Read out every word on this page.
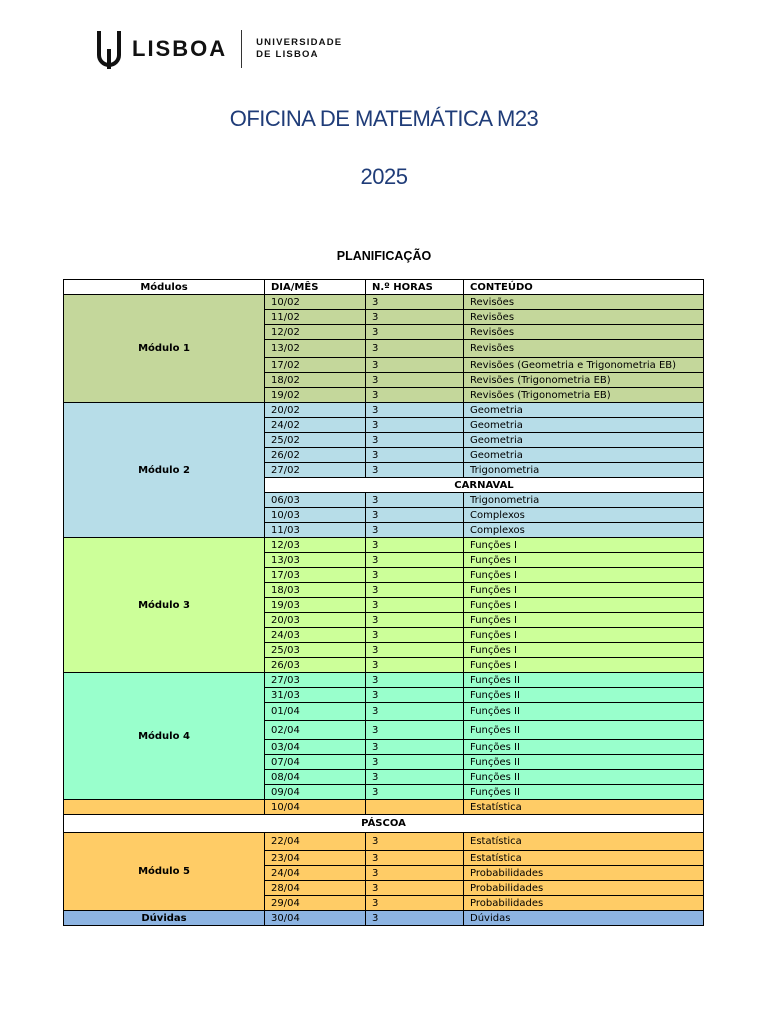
LISBOA	UNIVERSIDADE
DE LISBOA
OFICINA DE MATEMÁTICA M23
2025
PLANIFICAÇÃO
Módulos	DIA/MÊS	N.º HORAS	CONTEÚDO
Módulo 1	10/02	3	Revisões
	11/02	3	Revisões
	12/02	3	Revisões
	13/02	3	Revisões
	17/02	3	Revisões (Geometria e Trigonometria EB)
	18/02	3	Revisões (Trigonometria EB)
	19/02	3	Revisões (Trigonometria EB)
Módulo 2	20/02	3	Geometria
	24/02	3	Geometria
	25/02	3	Geometria
	26/02	3	Geometria
	27/02	3	Trigonometria
	CARNAVAL		
	06/03	3	Trigonometria
	10/03	3	Complexos
	11/03	3	Complexos
Módulo 3	12/03	3	Funções I
	13/03	3	Funções I
	17/03	3	Funções I
	18/03	3	Funções I
	19/03	3	Funções I
	20/03	3	Funções I
	24/03	3	Funções I
	25/03	3	Funções I
	26/03	3	Funções I
Módulo 4	27/03	3	Funções II
	31/03	3	Funções II
	01/04	3	Funções II
	02/04	3	Funções II
	03/04	3	Funções II
	07/04	3	Funções II
	08/04	3	Funções II
	09/04	3	Funções II
	10/04		Estatística
PÁSCOA			
Módulo 5	22/04	3	Estatística
	23/04	3	Estatística
	24/04	3	Probabilidades
	28/04	3	Probabilidades
	29/04	3	Probabilidades
Dúvidas	30/04	3	Dúvidas
